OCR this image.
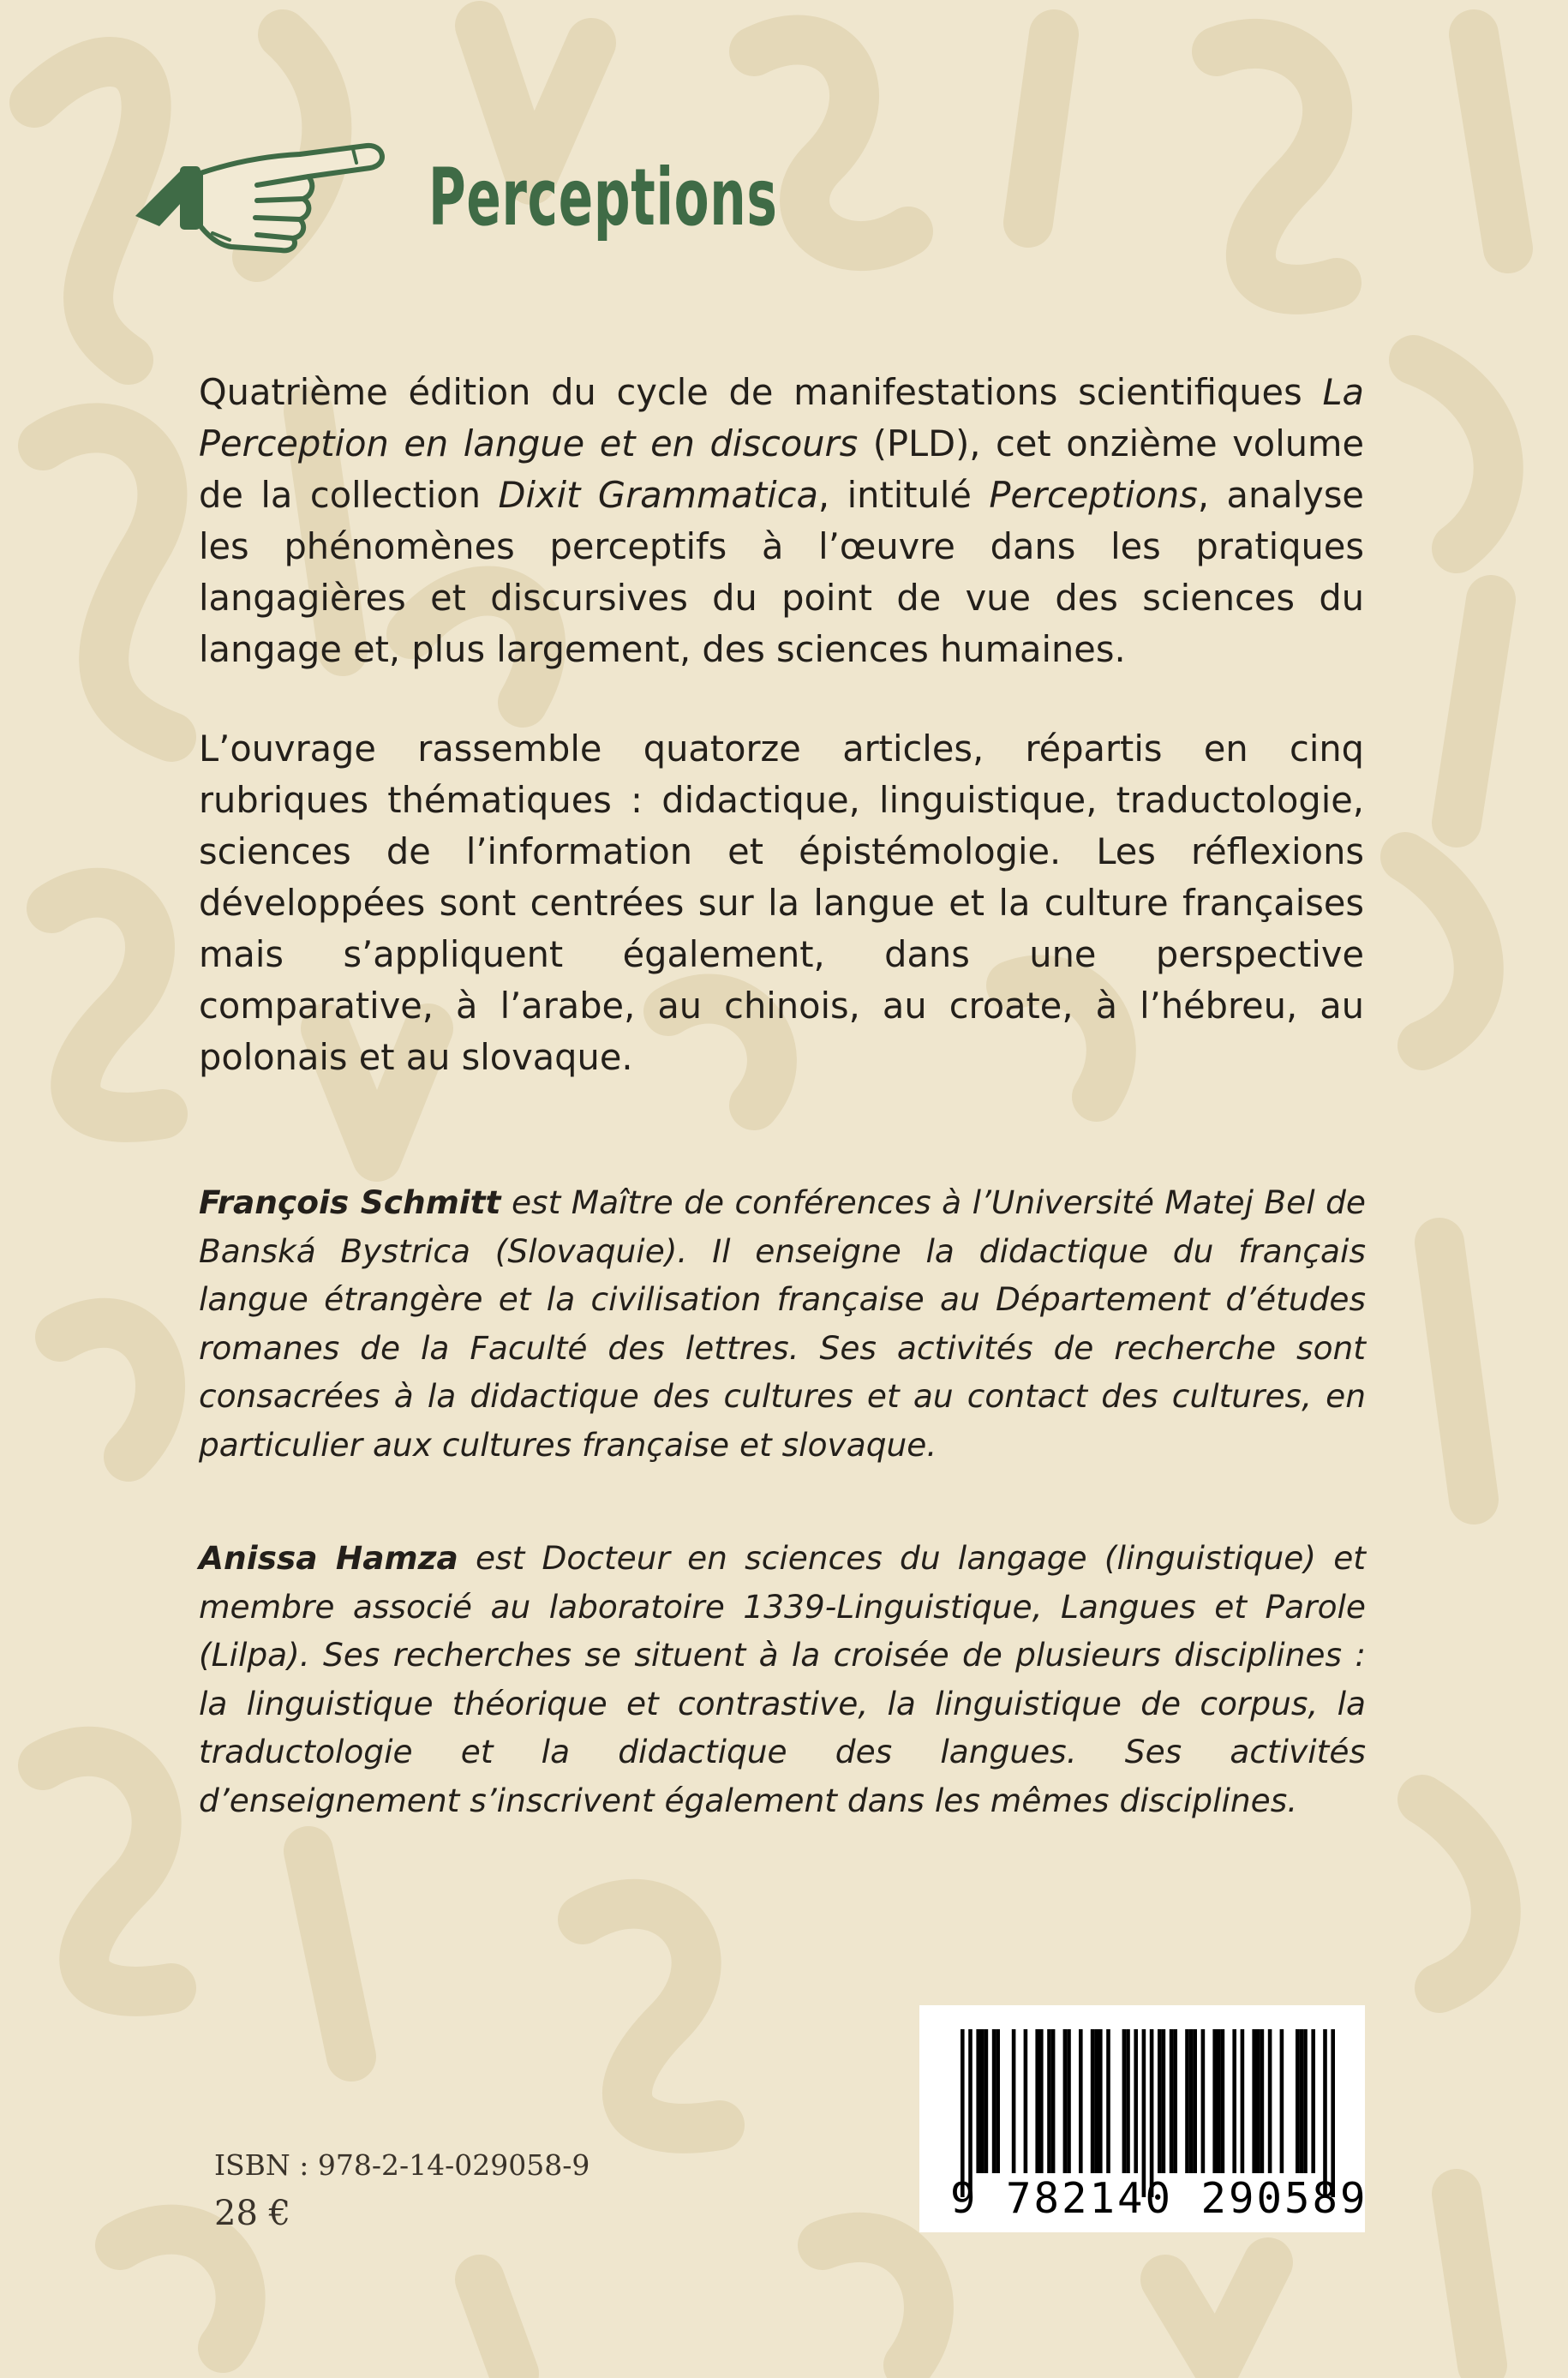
Perceptions

Quatrième édition du cycle de manifestations scientifiques La Perception en langue et en discours (PLD), cet onzième volume de la collection Dixit Grammatica, intitulé Perceptions, analyse les phénomènes perceptifs à l’œuvre dans les pratiques langagières et discursives du point de vue des sciences du langage et, plus largement, des sciences humaines.

L’ouvrage rassemble quatorze articles, répartis en cinq rubriques thématiques : didactique, linguistique, traductologie, sciences de l’information et épistémologie. Les réflexions développées sont centrées sur la langue et la culture françaises mais s’appliquent également, dans une perspective comparative, à l’arabe, au chinois, au croate, à l’hébreu, au polonais et au slovaque.

François Schmitt est Maître de conférences à l’Université Matej Bel de Banská Bystrica (Slovaquie). Il enseigne la didactique du français langue étrangère et la civilisation française au Département d’études romanes de la Faculté des lettres. Ses activités de recherche sont consacrées à la didactique des cultures et au contact des cultures, en particulier aux cultures française et slovaque.

Anissa Hamza est Docteur en sciences du langage (linguistique) et membre associé au laboratoire 1339-Linguistique, Langues et Parole (Lilpa). Ses recherches se situent à la croisée de plusieurs disciplines : la linguistique théorique et contrastive, la linguistique de corpus, la traductologie et la didactique des langues. Ses activités d’enseignement s’inscrivent également dans les mêmes disciplines.

ISBN : 978-2-14-029058-9
28 €	9 782140 290589
